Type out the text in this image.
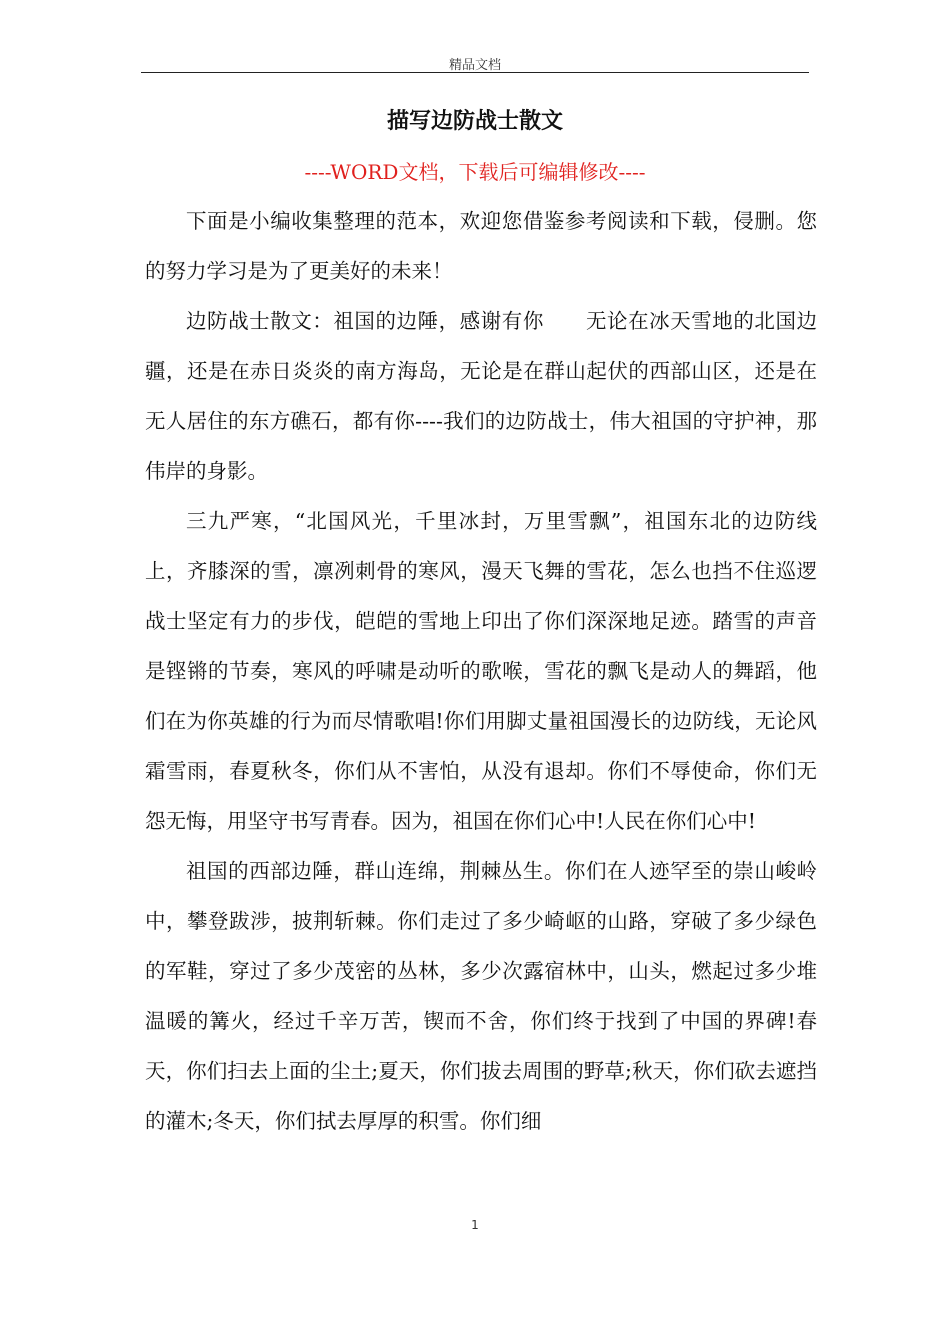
精品文档
描写边防战士散文
----WORD文档，下载后可编辑修改----

下面是小编收集整理的范本，欢迎您借鉴参考阅读和下载，侵删。您的努力学习是为了更美好的未来！

边防战士散文：祖国的边陲，感谢有你　　无论在冰天雪地的北国边疆，还是在赤日炎炎的南方海岛，无论是在群山起伏的西部山区，还是在无人居住的东方礁石，都有你----我们的边防战士，伟大祖国的守护神，那伟岸的身影。

三九严寒，“北国风光，千里冰封，万里雪飘”，祖国东北的边防线上，齐膝深的雪，凛冽刺骨的寒风，漫天飞舞的雪花，怎么也挡不住巡逻战士坚定有力的步伐，皑皑的雪地上印出了你们深深地足迹。踏雪的声音是铿锵的节奏，寒风的呼啸是动听的歌喉，雪花的飘飞是动人的舞蹈，他们在为你英雄的行为而尽情歌唱!你们用脚丈量祖国漫长的边防线，无论风霜雪雨，春夏秋冬，你们从不害怕，从没有退却。你们不辱使命，你们无怨无悔，用坚守书写青春。因为，祖国在你们心中!人民在你们心中!

祖国的西部边陲，群山连绵，荆棘丛生。你们在人迹罕至的崇山峻岭中，攀登跋涉，披荆斩棘。你们走过了多少崎岖的山路，穿破了多少绿色的军鞋，穿过了多少茂密的丛林，多少次露宿林中，山头，燃起过多少堆温暖的篝火，经过千辛万苦，锲而不舍，你们终于找到了中国的界碑!春天，你们扫去上面的尘土;夏天，你们拔去周围的野草;秋天，你们砍去遮挡的灌木;冬天，你们拭去厚厚的积雪。你们细

1
